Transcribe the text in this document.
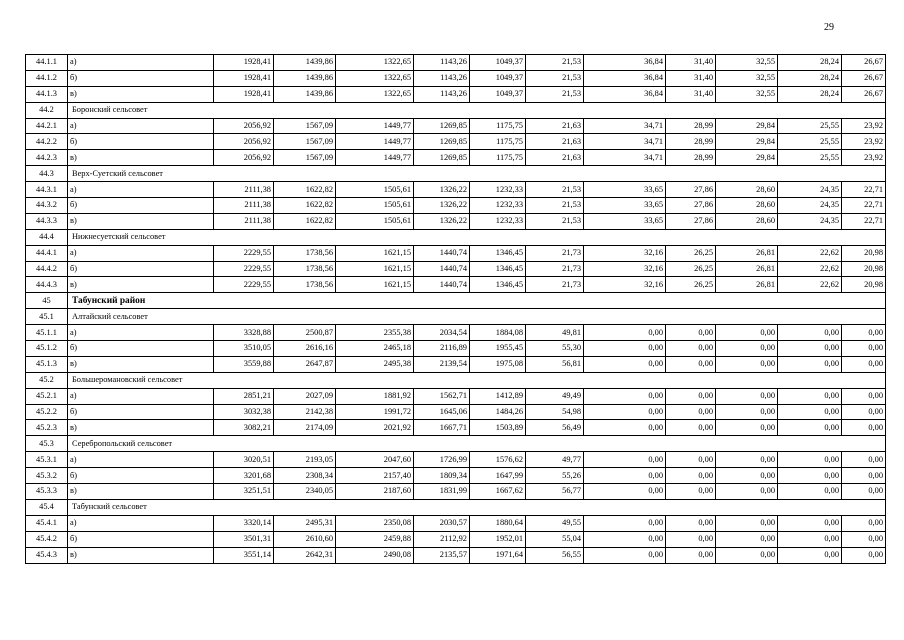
29
44.1.1	а)	1928,41	1439,86	1322,65	1143,26	1049,37	21,53	36,84	31,40	32,55	28,24	26,67
44.1.2	б)	1928,41	1439,86	1322,65	1143,26	1049,37	21,53	36,84	31,40	32,55	28,24	26,67
44.1.3	в)	1928,41	1439,86	1322,65	1143,26	1049,37	21,53	36,84	31,40	32,55	28,24	26,67
44.2	Боронский сельсовет											
44.2.1	а)	2056,92	1567,09	1449,77	1269,85	1175,75	21,63	34,71	28,99	29,84	25,55	23,92
44.2.2	б)	2056,92	1567,09	1449,77	1269,85	1175,75	21,63	34,71	28,99	29,84	25,55	23,92
44.2.3	в)	2056,92	1567,09	1449,77	1269,85	1175,75	21,63	34,71	28,99	29,84	25,55	23,92
44.3	Верх-Суетский сельсовет											
44.3.1	а)	2111,38	1622,82	1505,61	1326,22	1232,33	21,53	33,65	27,86	28,60	24,35	22,71
44.3.2	б)	2111,38	1622,82	1505,61	1326,22	1232,33	21,53	33,65	27,86	28,60	24,35	22,71
44.3.3	в)	2111,38	1622,82	1505,61	1326,22	1232,33	21,53	33,65	27,86	28,60	24,35	22,71
44.4	Нижнесуетский сельсовет											
44.4.1	а)	2229,55	1738,56	1621,15	1440,74	1346,45	21,73	32,16	26,25	26,81	22,62	20,98
44.4.2	б)	2229,55	1738,56	1621,15	1440,74	1346,45	21,73	32,16	26,25	26,81	22,62	20,98
44.4.3	в)	2229,55	1738,56	1621,15	1440,74	1346,45	21,73	32,16	26,25	26,81	22,62	20,98
45	Табунский район											
45.1	Алтайский сельсовет											
45.1.1	а)	3328,88	2500,87	2355,38	2034,54	1884,08	49,81	0,00	0,00	0,00	0,00	0,00
45.1.2	б)	3510,05	2616,16	2465,18	2116,89	1955,45	55,30	0,00	0,00	0,00	0,00	0,00
45.1.3	в)	3559,88	2647,87	2495,38	2139,54	1975,08	56,81	0,00	0,00	0,00	0,00	0,00
45.2	Большеромановский сельсовет											
45.2.1	а)	2851,21	2027,09	1881,92	1562,71	1412,89	49,49	0,00	0,00	0,00	0,00	0,00
45.2.2	б)	3032,38	2142,38	1991,72	1645,06	1484,26	54,98	0,00	0,00	0,00	0,00	0,00
45.2.3	в)	3082,21	2174,09	2021,92	1667,71	1503,89	56,49	0,00	0,00	0,00	0,00	0,00
45.3	Серебропольский сельсовет											
45.3.1	а)	3020,51	2193,05	2047,60	1726,99	1576,62	49,77	0,00	0,00	0,00	0,00	0,00
45.3.2	б)	3201,68	2308,34	2157,40	1809,34	1647,99	55,26	0,00	0,00	0,00	0,00	0,00
45.3.3	в)	3251,51	2340,05	2187,60	1831,99	1667,62	56,77	0,00	0,00	0,00	0,00	0,00
45.4	Табунский сельсовет											
45.4.1	а)	3320,14	2495,31	2350,08	2030,57	1880,64	49,55	0,00	0,00	0,00	0,00	0,00
45.4.2	б)	3501,31	2610,60	2459,88	2112,92	1952,01	55,04	0,00	0,00	0,00	0,00	0,00
45.4.3	в)	3551,14	2642,31	2490,08	2135,57	1971,64	56,55	0,00	0,00	0,00	0,00	0,00
